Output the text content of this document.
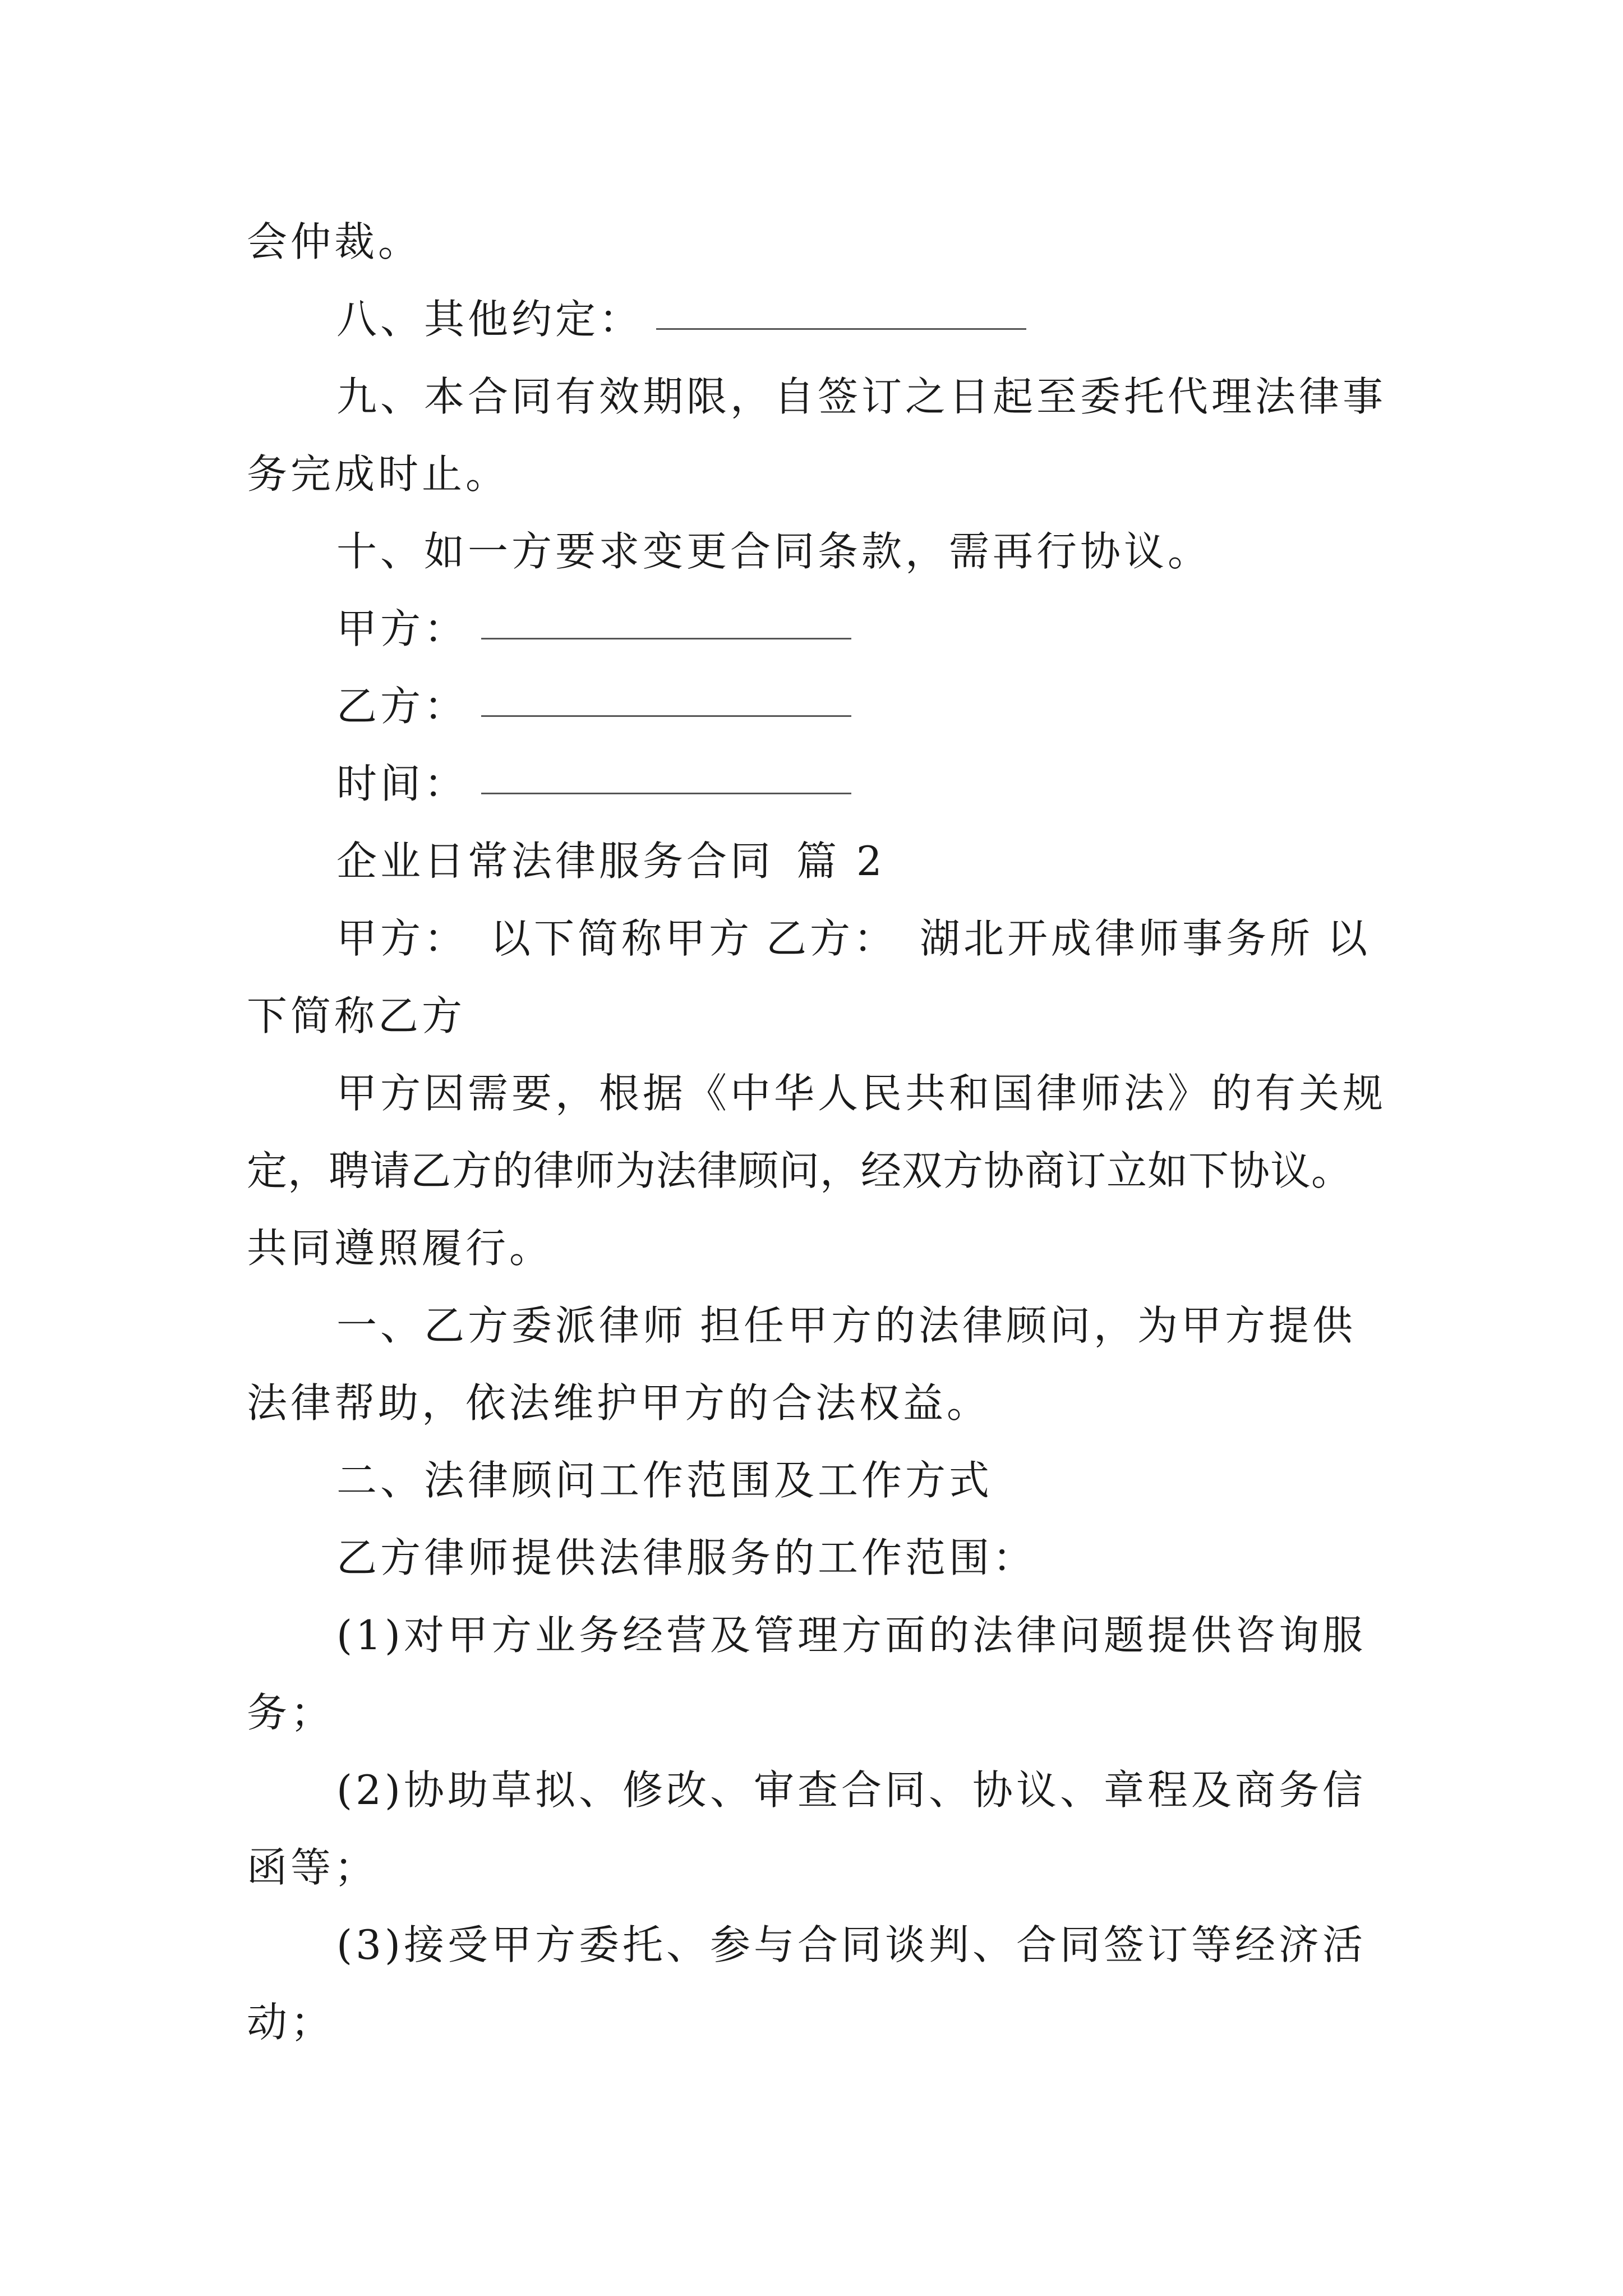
会仲裁。
八、其他约定：
九、本合同有效期限，自签订之日起至委托代理法律事
务完成时止。
十、如一方要求变更合同条款，需再行协议。
甲方：
乙方：
时间：
企业日常法律服务合同 篇 2
甲方： 以下简称甲方 乙方： 湖北开成律师事务所 以
下简称乙方
甲方因需要，根据《中华人民共和国律师法》的有关规
定，聘请乙方的律师为法律顾问，经双方协商订立如下协议。
共同遵照履行。
一、乙方委派律师 担任甲方的法律顾问，为甲方提供
法律帮助，依法维护甲方的合法权益。
二、法律顾问工作范围及工作方式
乙方律师提供法律服务的工作范围：
(1)对甲方业务经营及管理方面的法律问题提供咨询服
务；
(2)协助草拟、修改、审查合同、协议、章程及商务信
函等；
(3)接受甲方委托、参与合同谈判、合同签订等经济活
动；
